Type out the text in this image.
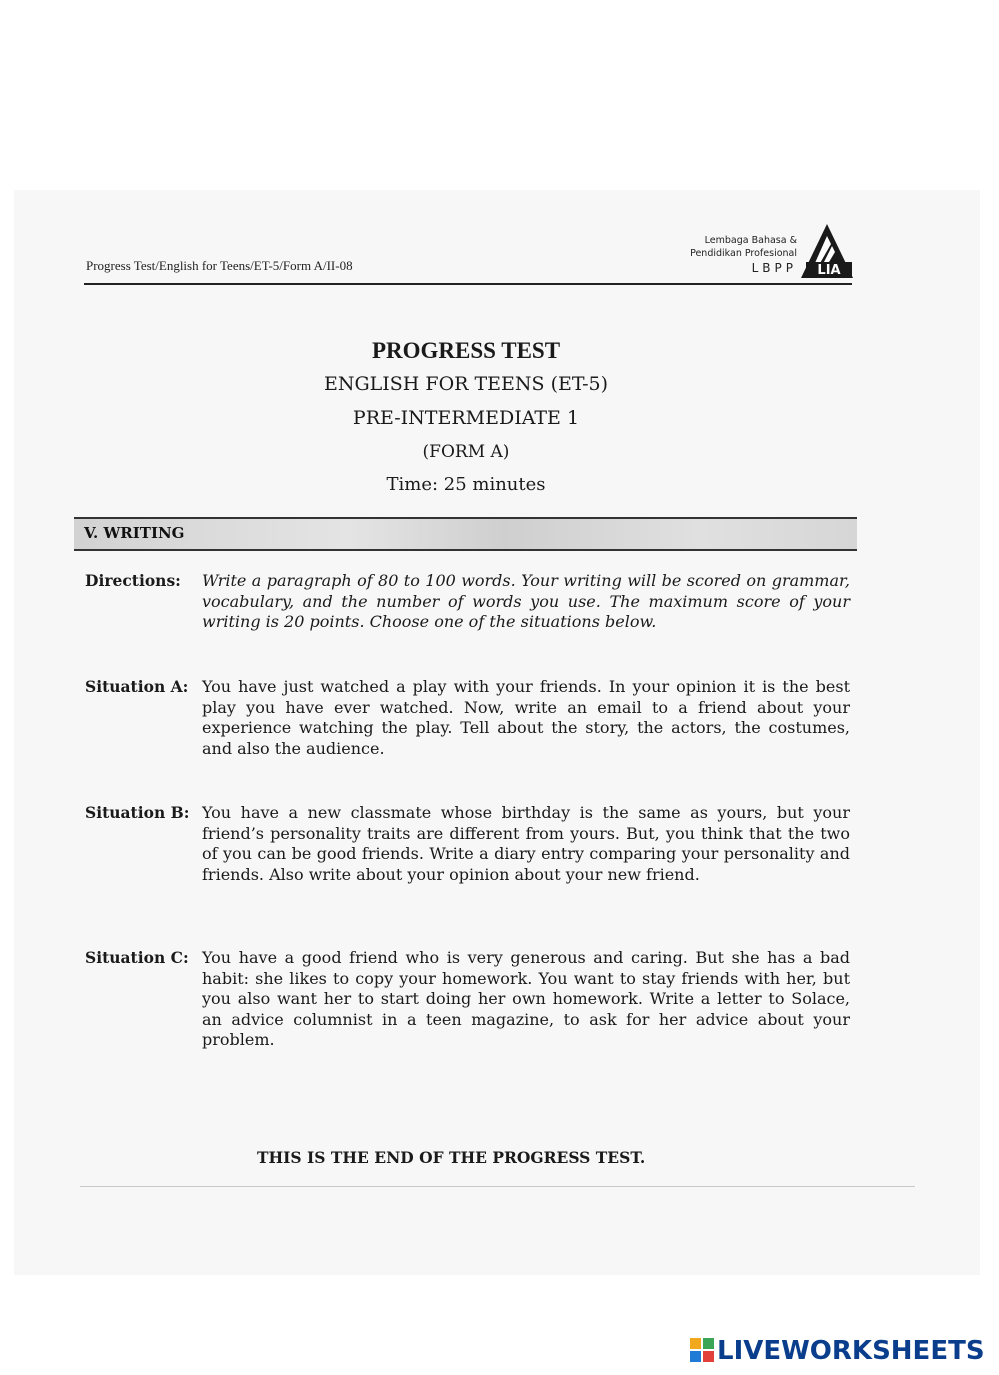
Progress Test/English for Teens/ET-5/Form A/II-08
Lembaga Bahasa &
Pendidikan Profesional
LBPP LIA
PROGRESS TEST
ENGLISH FOR TEENS (ET-5)
PRE-INTERMEDIATE 1
(FORM A)
Time: 25 minutes
V. WRITING
Directions: Write a paragraph of 80 to 100 words. Your writing will be scored on grammar, vocabulary, and the number of words you use. The maximum score of your writing is 20 points. Choose one of the situations below.
Situation A: You have just watched a play with your friends. In your opinion it is the best play you have ever watched. Now, write an email to a friend about your experience watching the play. Tell about the story, the actors, the costumes, and also the audience.
Situation B: You have a new classmate whose birthday is the same as yours, but your friend’s personality traits are different from yours. But, you think that the two of you can be good friends. Write a diary entry comparing your personality and friends. Also write about your opinion about your new friend.
Situation C: You have a good friend who is very generous and caring. But she has a bad habit: she likes to copy your homework. You want to stay friends with her, but you also want her to start doing her own homework. Write a letter to Solace, an advice columnist in a teen magazine, to ask for her advice about your problem.
THIS IS THE END OF THE PROGRESS TEST.
LIVEWORKSHEETS
